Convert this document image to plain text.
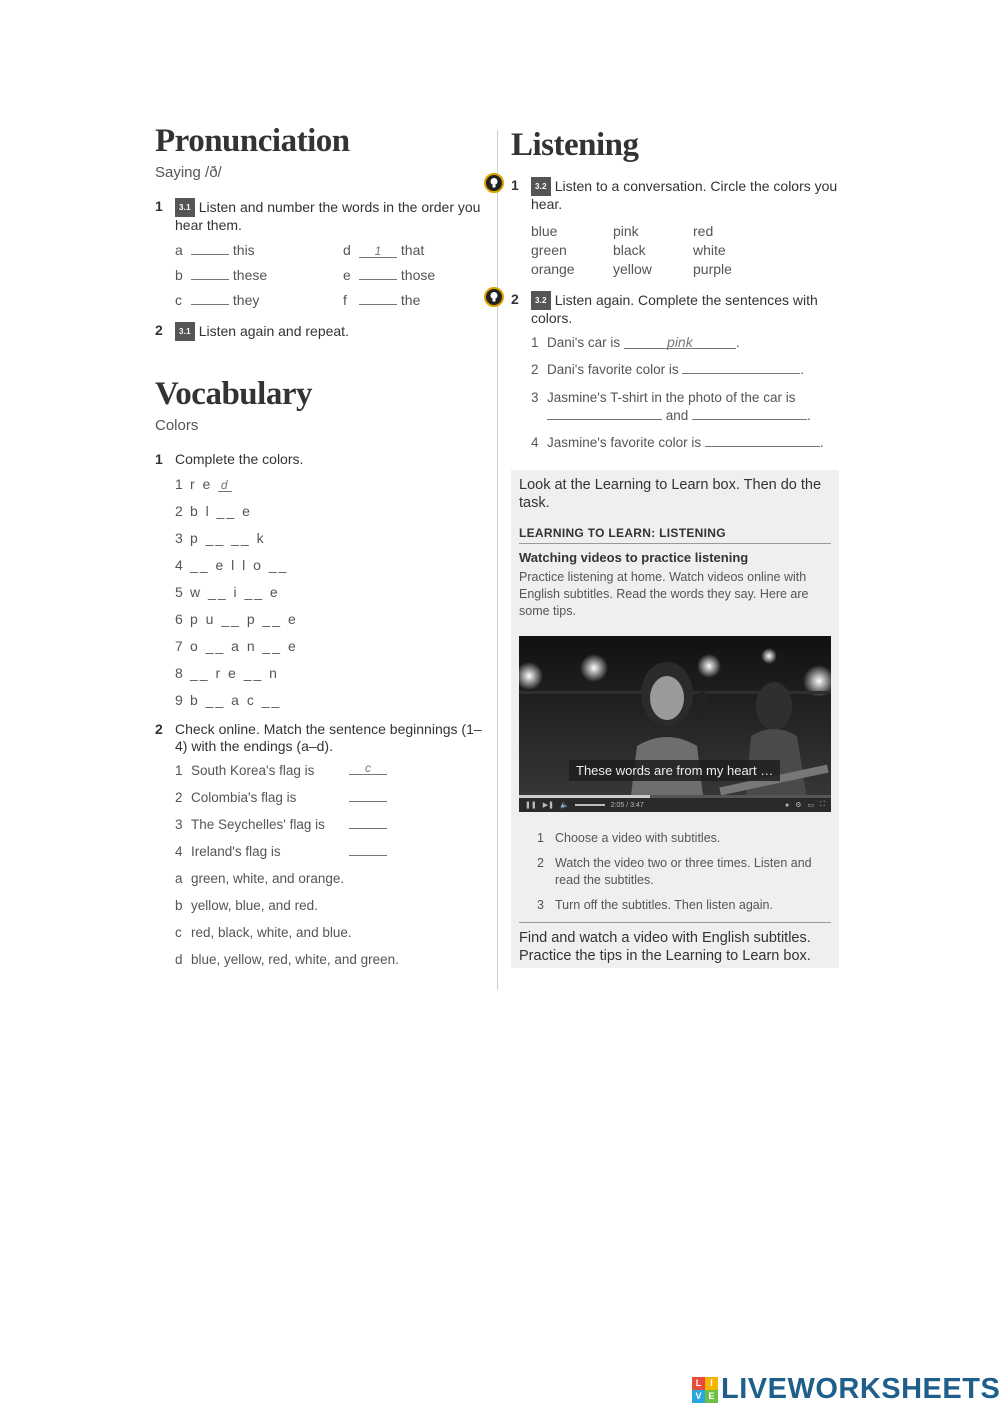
Pronunciation
Saying /ð/
1	3.1 Listen and number the words in the order you hear them.
a	this	d 1 that
b	these	e	those
c	they	f	the
2	3.1 Listen again and repeat.
Vocabulary
Colors
1 Complete the colors.
1 r e d
2 b l __ e
3 p __ __ k
4 __ e l l o __
5 w __ i __ e
6 p u __ p __ e
7 o __ a n __ e
8 __ r e __ n
9 b __ a c __
2 Check online. Match the sentence beginnings (1–4) with the endings (a–d).
1 South Korea's flag is	c
2 Colombia's flag is
3 The Seychelles' flag is
4 Ireland's flag is
a green, white, and orange.
b yellow, blue, and red.
c red, black, white, and blue.
d blue, yellow, red, white, and green.
Listening
1	3.2 Listen to a conversation. Circle the colors you hear.
blue	pink	red
green	black	white
orange	yellow	purple
2	3.2 Listen again. Complete the sentences with colors.
1 Dani's car is	pink	.
2 Dani's favorite color is	.
3 Jasmine's T-shirt in the photo of the car is
and	.
4 Jasmine's favorite color is	.
Look at the Learning to Learn box. Then do the task.
LEARNING TO LEARN: LISTENING
Watching videos to practice listening
Practice listening at home. Watch videos online with English subtitles. Read the words they say. Here are some tips.
These words are from my heart …
❚❚ ▶❚ 🔈	2:05 / 3:47	● ⚙ ▭ ⛶
1 Choose a video with subtitles.
2 Watch the video two or three times. Listen and read the subtitles.
3 Turn off the subtitles. Then listen again.
Find and watch a video with English subtitles. Practice the tips in the Learning to Learn box.
L I
V E LIVEWORKSHEETS
